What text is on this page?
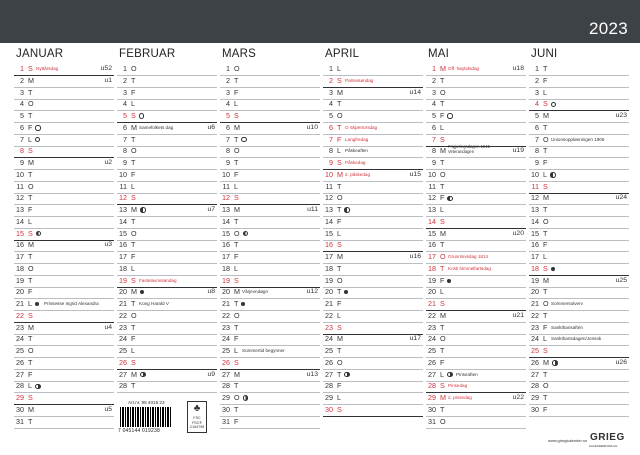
2023
JANUAR
1 S Nyttårsdag	u52
2 M	u1
3 T
4 O
5 T
6 F
7 L
8 S
9 M	u2
10 T
11 O
12 T
13 F
14 L
15 S
16 M	u3
17 T
18 O
19 T
20 F
21 L	Prinsesse Ingrid Alexandra
22 S
23 M	u4
24 T
25 O
26 T
27 F
28 L
29 S
30 M	u5
31 T
FEBRUAR
1 O
2 T
3 F
4 L
5 S
6 M Samefolkets dag	u6
7 T
8 O
9 T
10 F
11 L
12 S
13 M	u7
14 T
15 O
16 T
17 F
18 L
19 S Fastelavnssøndag
20 M	u8
21 T Kong Harald V
22 O
23 T
24 F
25 L
26 S
27 M	u9
28 T
MARS
1 O
2 T
3 F
4 L
5 S
6 M	u10
7 T
8 O
9 T
10 F
11 L
12 S
13 M	u11
14 T
15 O
16 T
17 F
18 L
19 S
20 M Vårjevndøgn	u12
21 T
22 O
23 T
24 F
25 L Sommertid begynner
26 S
27 M	u13
28 T
29 O
30 T
31 F
APRIL
1 L
2 S Palmesøndag
3 M	u14
4 T
5 O
6 T O Skjærtorsdag
7 F Langfredag
8 L Påskeaften
9 S Påskedag
10 M 2. påskedag	u15
11 T
12 O
13 T
14 F
15 L
16 S
17 M	u16
18 T
19 O
20 T
21 F
22 L
23 S
24 M	u17
25 T
26 O
27 T
28 F
29 L
30 S
MAI
1 M Off. høytidsdag	u18
2 T
3 O
4 T
5 F
6 L
7 S
8 M Frigjøringsdagen 1945
Veterandagen	u19
9 T
10 O
11 T
12 F
13 L
14 S
15 M	u20
16 T
17 O Grunnlovsdag 1814
18 T Kristi himmelfartsdag
19 F
20 L
21 S
22 M	u21
23 T
24 O
25 T
26 F
27 L	Pinseaften
28 S Pinsedag
29 M 2. pinsedag	u22
30 T
31 O
JUNI
1 T
2 F
3 L
4 S
5 M	u23
6 T
7 O Unionsoppløsningen 1905
8 T
9 F
10 L
11 S
12 M	u24
13 T
14 O
15 T
16 F
17 L
18 S
19 M	u25
20 T
21 O Sommersolverv
22 T
23 F Sankthansaften
24 L Sankthansdagen/Jonsok
25 S
26 M	u26
27 T
28 O
29 T
30 F
Art.nr. 98 4019 23
7 045144 019238
♣
FSC
FSC® C164798
www.griegkalender.no GRIEG
KALENDERFORLAG
